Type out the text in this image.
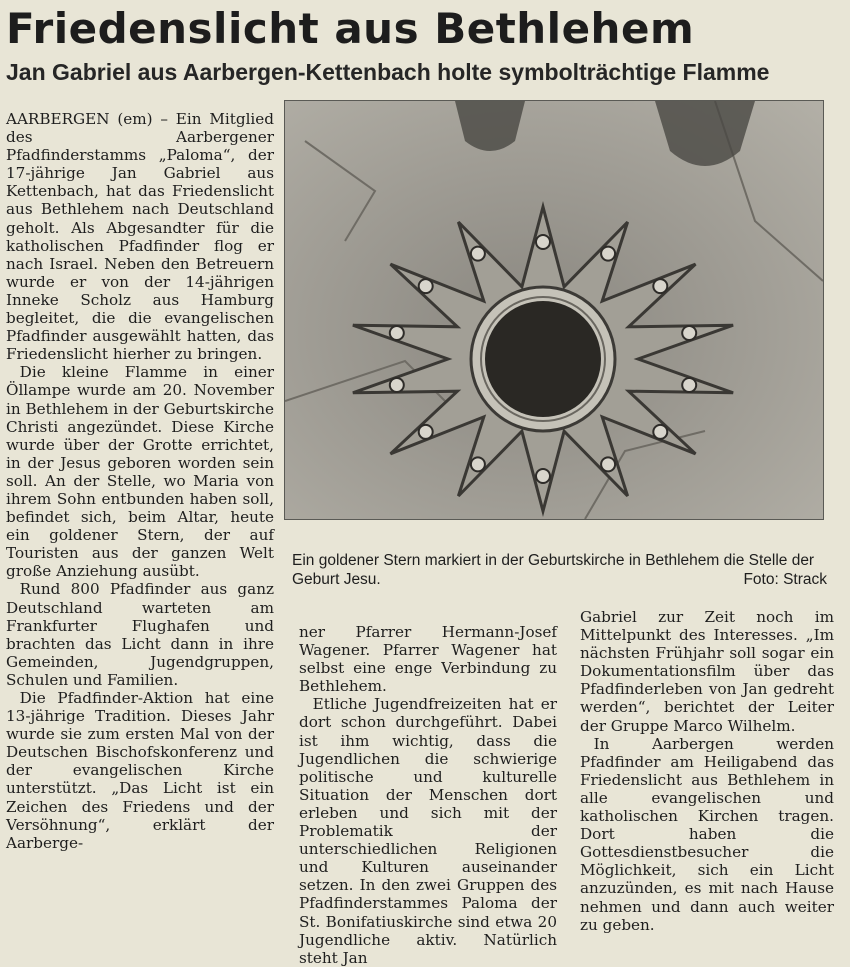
Friedenslicht aus Bethlehem
Jan Gabriel aus Aarbergen-Kettenbach holte symbolträchtige Flamme

AARBERGEN (em) – Ein Mitglied des Aarbergener Pfadfinderstamms „Paloma“, der 17-jährige Jan Gabriel aus Kettenbach, hat das Friedenslicht aus Bethlehem nach Deutschland geholt. Als Abgesandter für die katholischen Pfadfinder flog er nach Israel. Neben den Betreuern wurde er von der 14-jährigen Inneke Scholz aus Hamburg begleitet, die die evangelischen Pfadfinder ausgewählt hatten, das Friedenslicht hierher zu bringen.

Die kleine Flamme in einer Öllampe wurde am 20. November in Bethlehem in der Geburtskirche Christi angezündet. Diese Kirche wurde über der Grotte errichtet, in der Jesus geboren worden sein soll. An der Stelle, wo Maria von ihrem Sohn entbunden haben soll, befindet sich, beim Altar, heute ein goldener Stern, der auf Touristen aus der ganzen Welt große Anziehung ausübt.

Rund 800 Pfadfinder aus ganz Deutschland warteten am Frankfurter Flughafen und brachten das Licht dann in ihre Gemeinden, Jugendgruppen, Schulen und Familien.

Die Pfadfinder-Aktion hat eine 13-jährige Tradition. Dieses Jahr wurde sie zum ersten Mal von der Deutschen Bischofskonferenz und der evangelischen Kirche unterstützt. „Das Licht ist ein Zeichen des Friedens und der Versöhnung“, erklärt der Aarberge-

Ein goldener Stern markiert in der Geburtskirche in Bethlehem die Stelle der Geburt Jesu.	Foto: Strack

ner Pfarrer Hermann-Josef Wagener. Pfarrer Wagener hat selbst eine enge Verbindung zu Bethlehem.

Etliche Jugendfreizeiten hat er dort schon durchgeführt. Dabei ist ihm wichtig, dass die Jugendlichen die schwierige politische und kulturelle Situation der Menschen dort erleben und sich mit der Problematik der unterschiedlichen Religionen und Kulturen auseinander setzen. In den zwei Gruppen des Pfadfinderstammes Paloma der St. Bonifatiuskirche sind etwa 20 Jugendliche aktiv. Natürlich steht Jan

Gabriel zur Zeit noch im Mittelpunkt des Interesses. „Im nächsten Frühjahr soll sogar ein Dokumentationsfilm über das Pfadfinderleben von Jan gedreht werden“, berichtet der Leiter der Gruppe Marco Wilhelm.

In Aarbergen werden Pfadfinder am Heiligabend das Friedenslicht aus Bethlehem in alle evangelischen und katholischen Kirchen tragen. Dort haben die Gottesdienstbesucher die Möglichkeit, sich ein Licht anzuzünden, es mit nach Hause nehmen und dann auch weiter zu geben.
